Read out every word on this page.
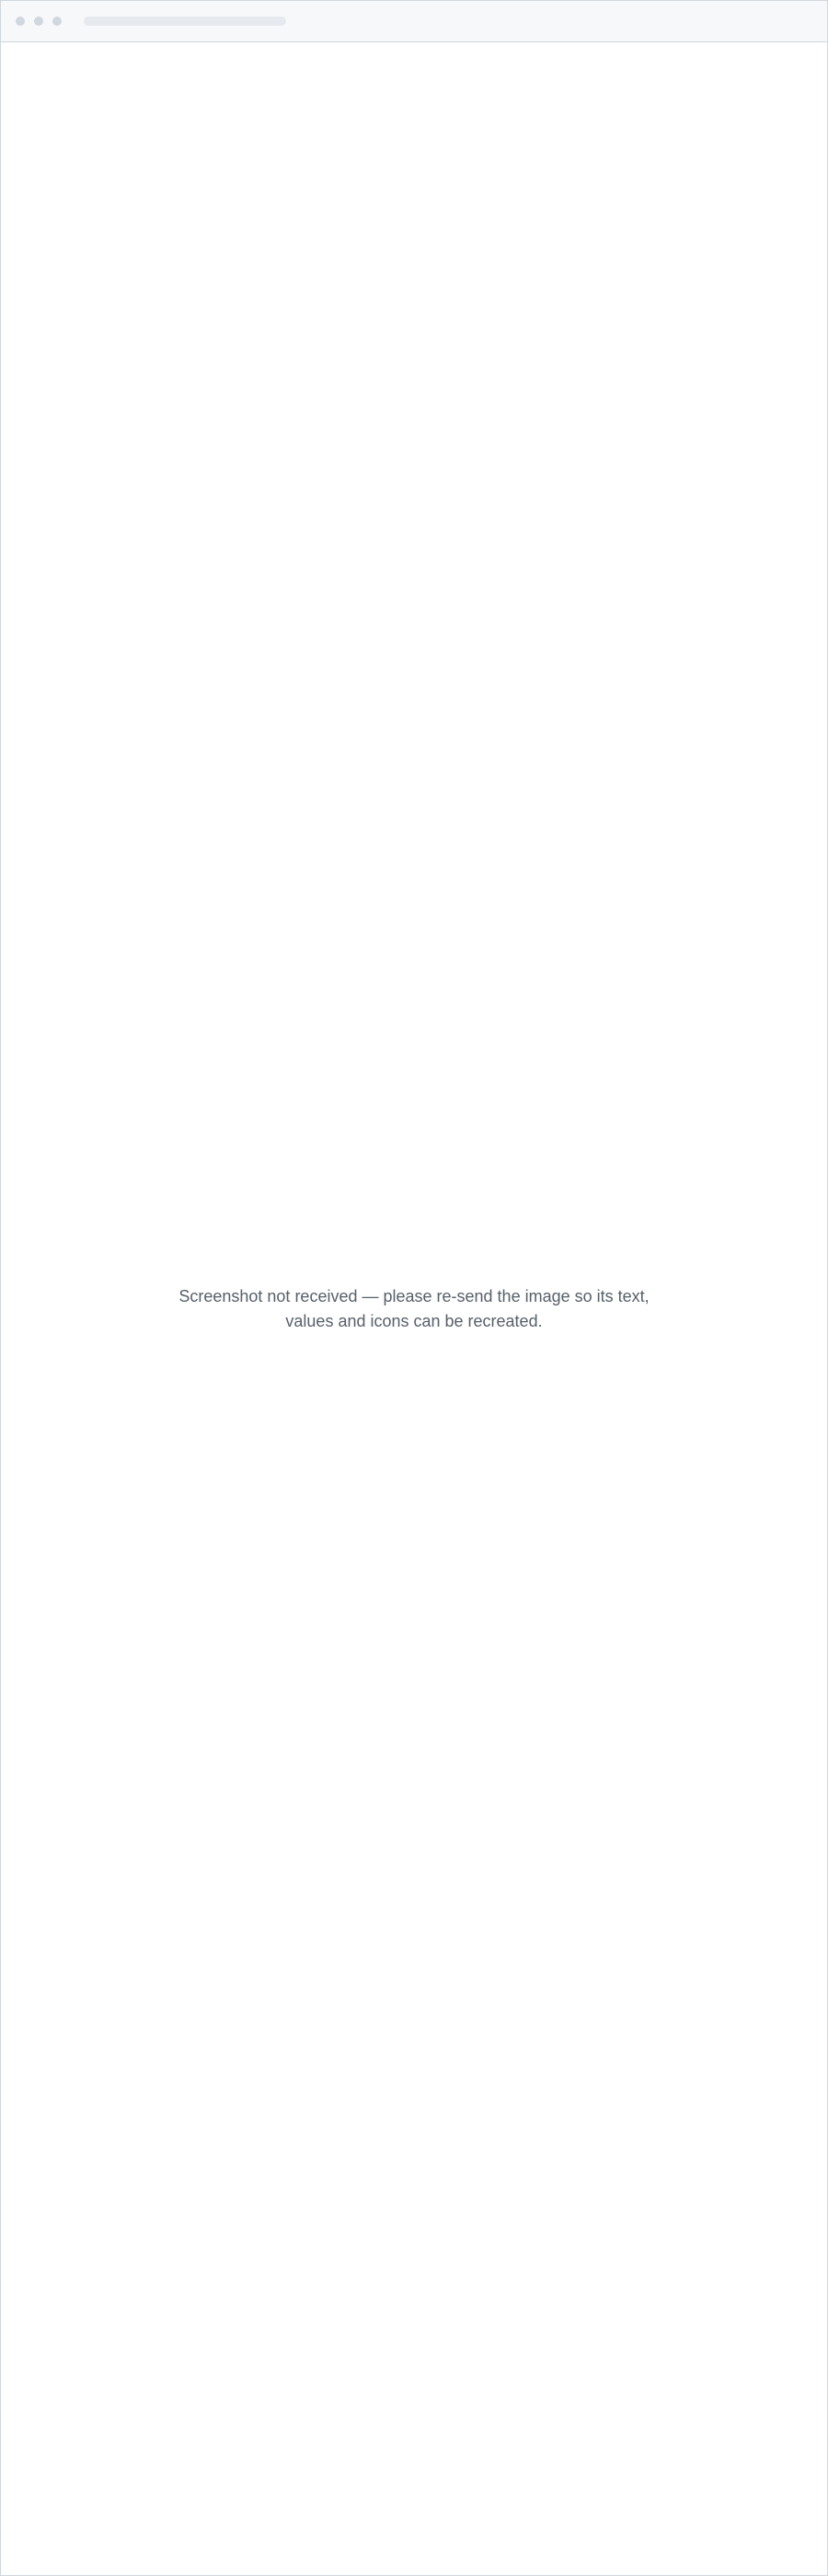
Screenshot not received — please re-send the image so its text, values and icons can be recreated.
